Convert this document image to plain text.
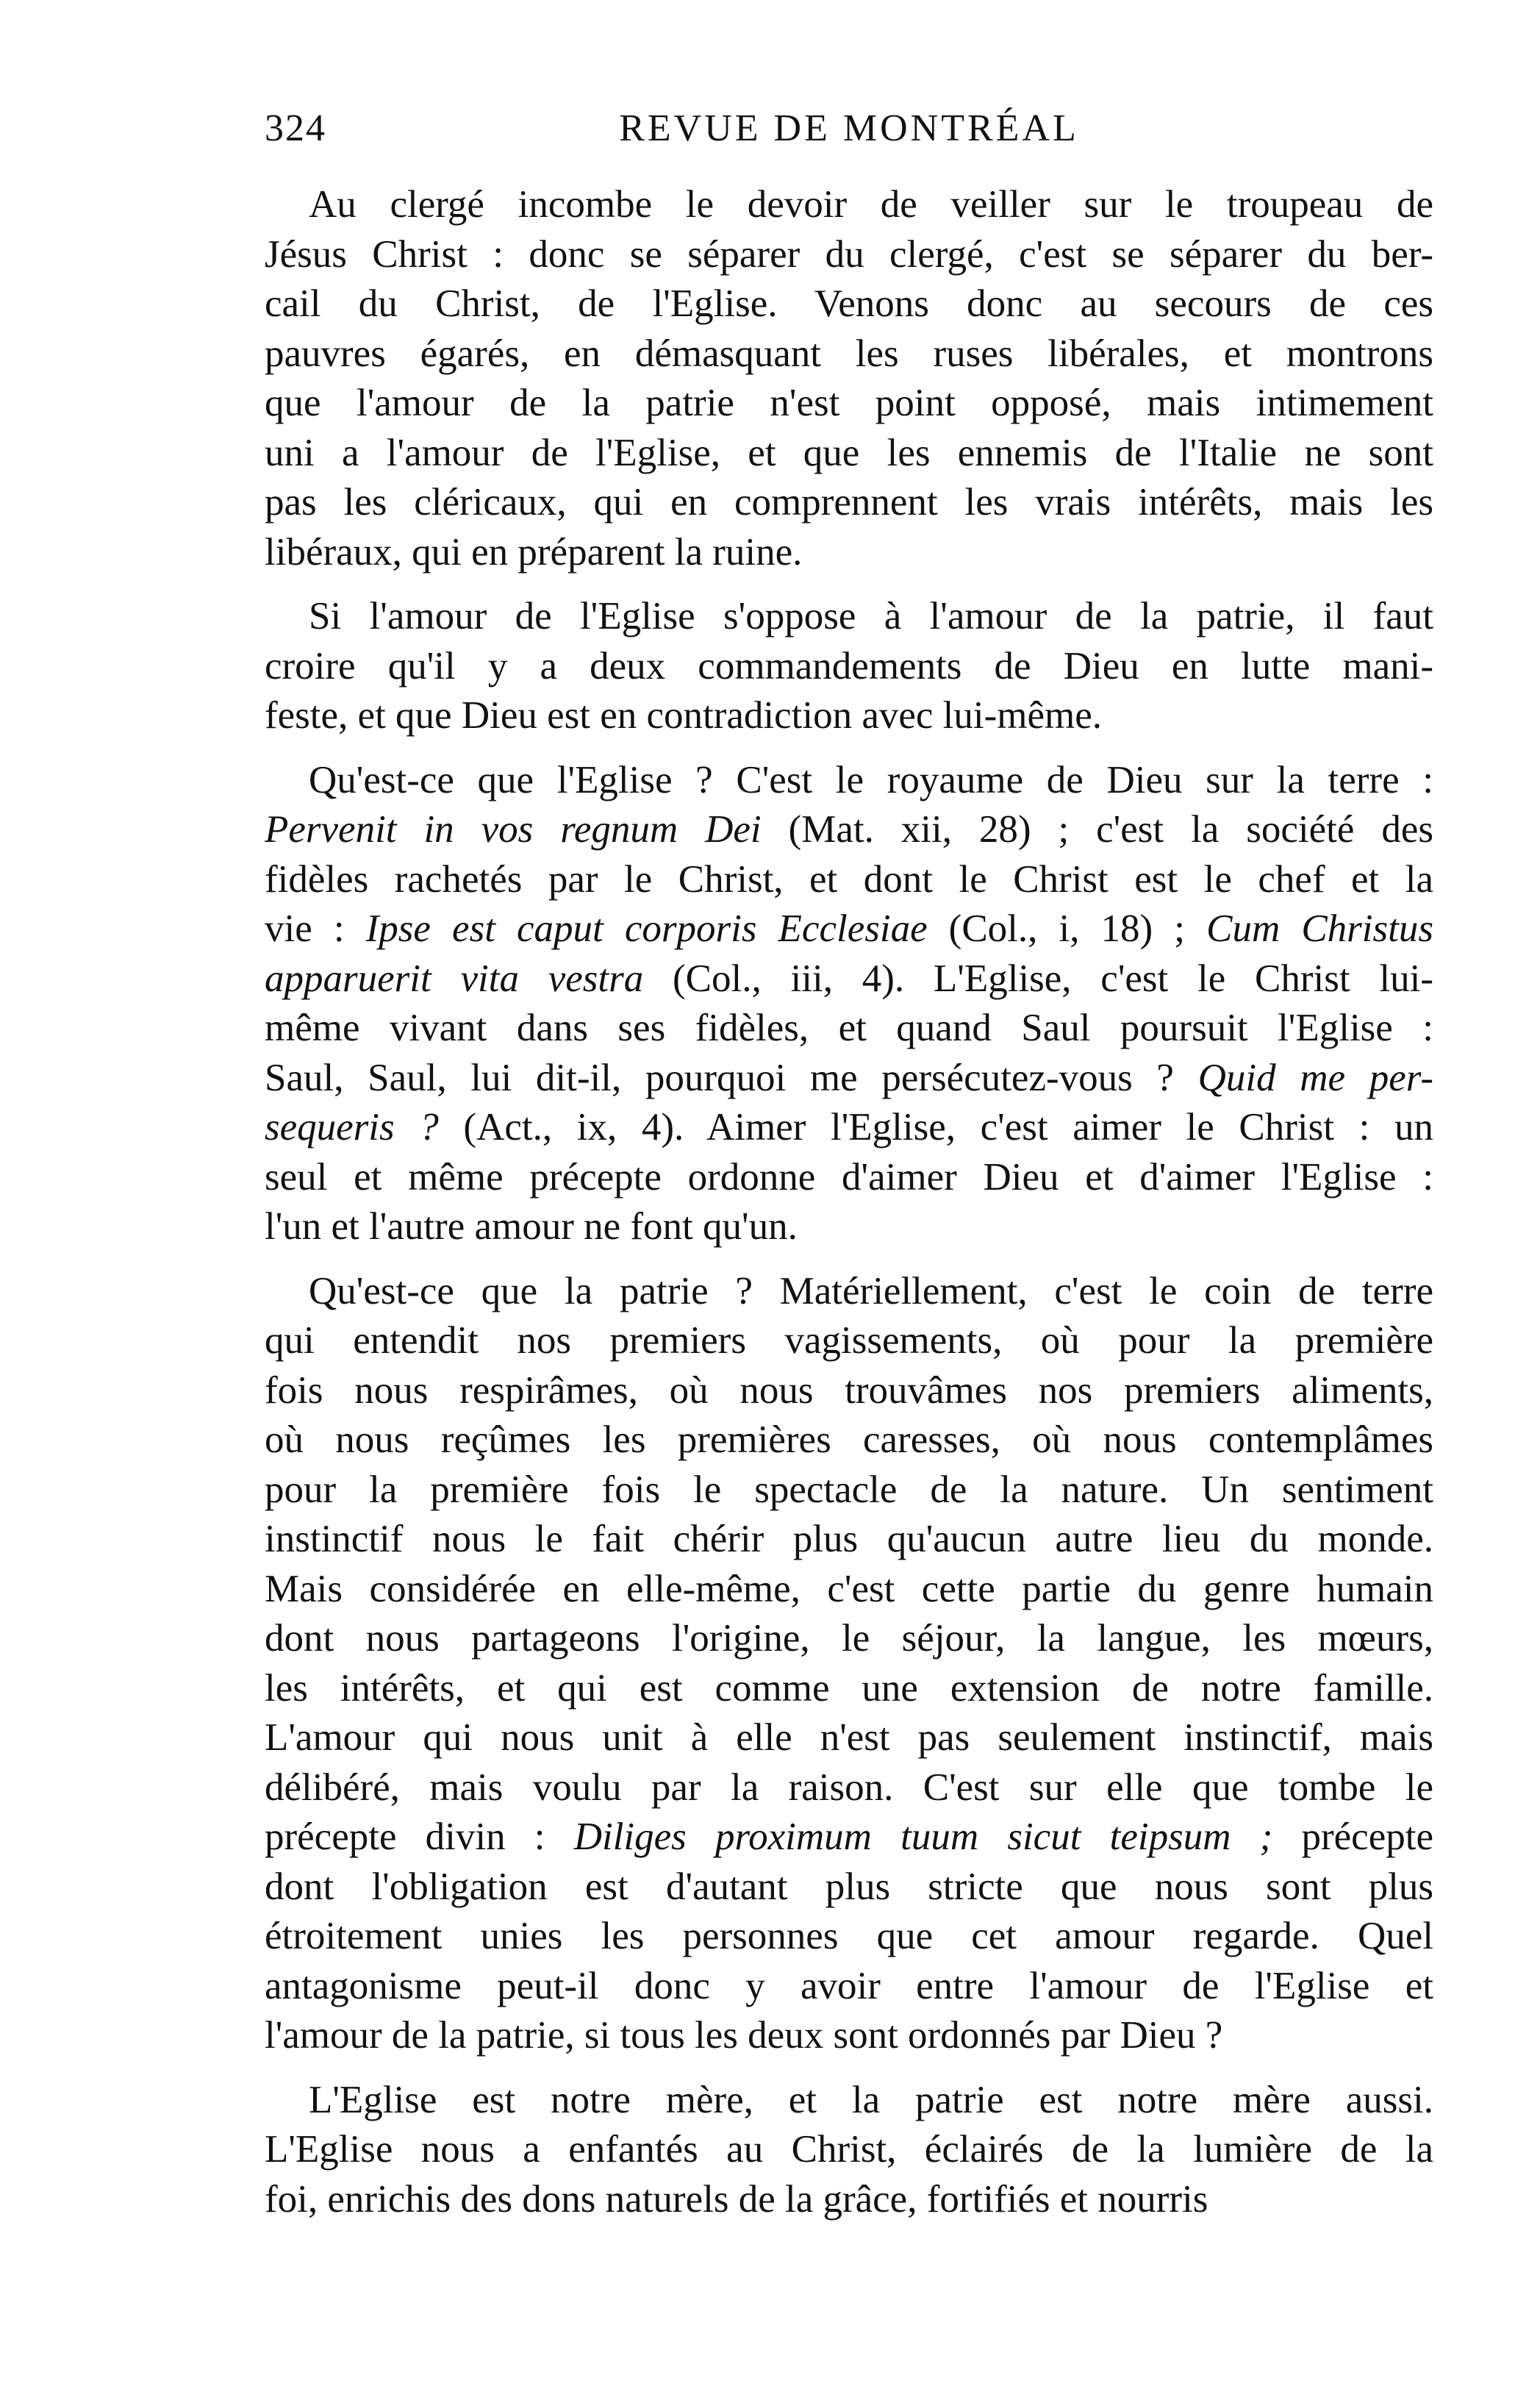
324	REVUE DE MONTRÉAL
Au clergé incombe le devoir de veiller sur le troupeau de
Jésus Christ : donc se séparer du clergé, c'est se séparer du ber-
cail du Christ, de l'Eglise. Venons donc au secours de ces
pauvres égarés, en démasquant les ruses libérales, et montrons
que l'amour de la patrie n'est point opposé, mais intimement
uni a l'amour de l'Eglise, et que les ennemis de l'Italie ne sont
pas les cléricaux, qui en comprennent les vrais intérêts, mais les
libéraux, qui en préparent la ruine.
Si l'amour de l'Eglise s'oppose à l'amour de la patrie, il faut
croire qu'il y a deux commandements de Dieu en lutte mani-
feste, et que Dieu est en contradiction avec lui-même.
Qu'est-ce que l'Eglise ? C'est le royaume de Dieu sur la terre :
Pervenit in vos regnum Dei (Mat. xii, 28) ; c'est la société des
fidèles rachetés par le Christ, et dont le Christ est le chef et la
vie : Ipse est caput corporis Ecclesiae (Col., i, 18) ; Cum Christus
apparuerit vita vestra (Col., iii, 4). L'Eglise, c'est le Christ lui-
même vivant dans ses fidèles, et quand Saul poursuit l'Eglise :
Saul, Saul, lui dit-il, pourquoi me persécutez-vous ? Quid me per-
sequeris ? (Act., ix, 4). Aimer l'Eglise, c'est aimer le Christ : un
seul et même précepte ordonne d'aimer Dieu et d'aimer l'Eglise :
l'un et l'autre amour ne font qu'un.
Qu'est-ce que la patrie ? Matériellement, c'est le coin de terre
qui entendit nos premiers vagissements, où pour la première
fois nous respirâmes, où nous trouvâmes nos premiers aliments,
où nous reçûmes les premières caresses, où nous contemplâmes
pour la première fois le spectacle de la nature. Un sentiment
instinctif nous le fait chérir plus qu'aucun autre lieu du monde.
Mais considérée en elle-même, c'est cette partie du genre humain
dont nous partageons l'origine, le séjour, la langue, les mœurs,
les intérêts, et qui est comme une extension de notre famille.
L'amour qui nous unit à elle n'est pas seulement instinctif, mais
délibéré, mais voulu par la raison. C'est sur elle que tombe le
précepte divin : Diliges proximum tuum sicut teipsum ; précepte
dont l'obligation est d'autant plus stricte que nous sont plus
étroitement unies les personnes que cet amour regarde. Quel
antagonisme peut-il donc y avoir entre l'amour de l'Eglise et
l'amour de la patrie, si tous les deux sont ordonnés par Dieu ?
L'Eglise est notre mère, et la patrie est notre mère aussi.
L'Eglise nous a enfantés au Christ, éclairés de la lumière de la
foi, enrichis des dons naturels de la grâce, fortifiés et nourris
